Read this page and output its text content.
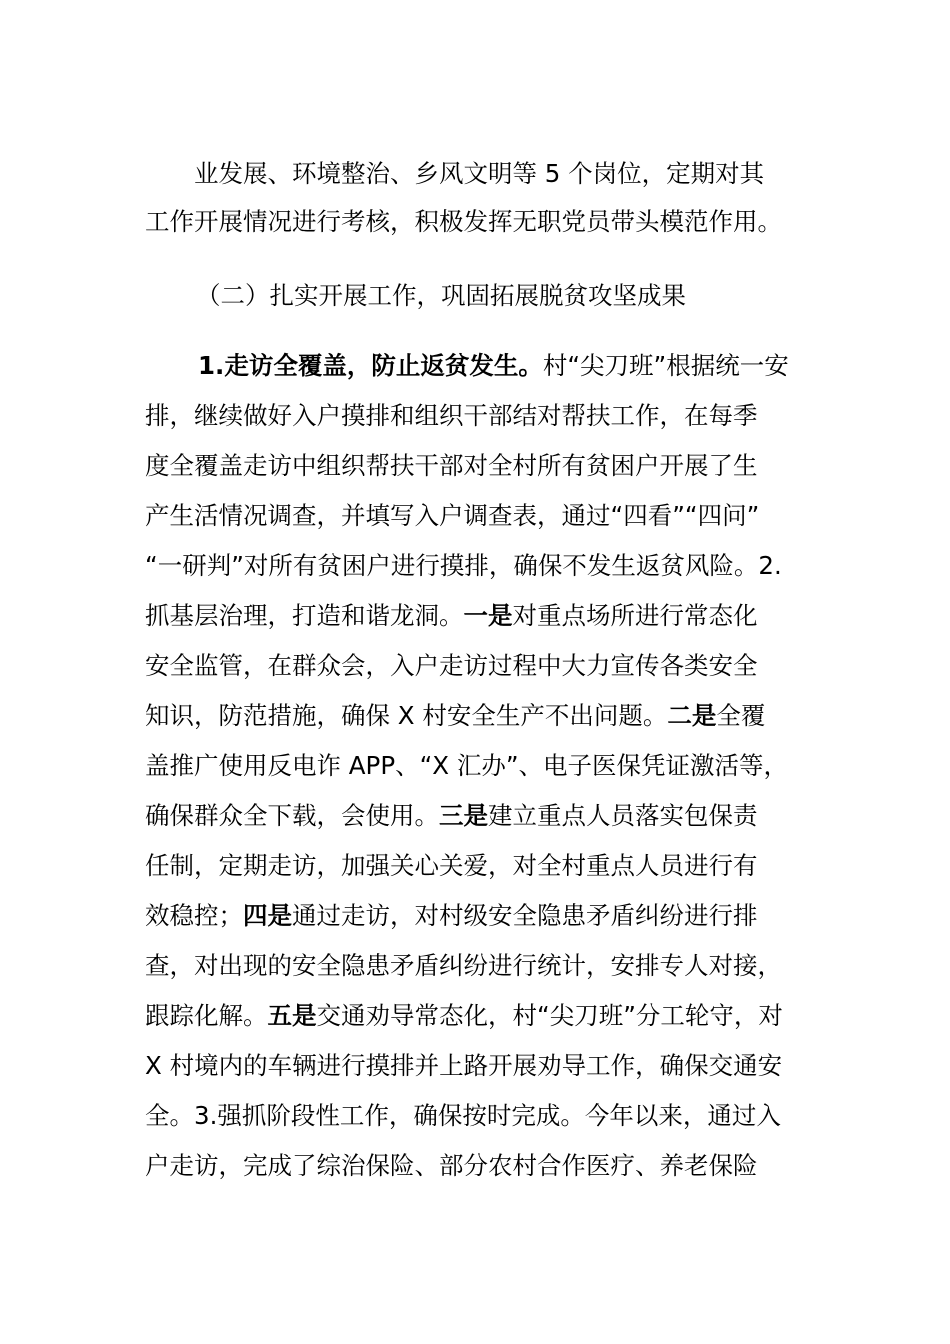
业发展、环境整治、乡风文明等 5 个岗位，定期对其
工作开展情况进行考核，积极发挥无职党员带头模范作用。
（二）扎实开展工作，巩固拓展脱贫攻坚成果
1.走访全覆盖，防止返贫发生。村“尖刀班”根据统一安
排，继续做好入户摸排和组织干部结对帮扶工作，在每季
度全覆盖走访中组织帮扶干部对全村所有贫困户开展了生
产生活情况调查，并填写入户调查表，通过“四看”“四问”
“一研判”对所有贫困户进行摸排，确保不发生返贫风险。2.
抓基层治理，打造和谐龙洞。一是对重点场所进行常态化
安全监管，在群众会，入户走访过程中大力宣传各类安全
知识，防范措施，确保 X 村安全生产不出问题。二是全覆
盖推广使用反电诈 APP、“X 汇办”、电子医保凭证激活等，
确保群众全下载，会使用。三是建立重点人员落实包保责
任制，定期走访，加强关心关爱，对全村重点人员进行有
效稳控；四是通过走访，对村级安全隐患矛盾纠纷进行排
查，对出现的安全隐患矛盾纠纷进行统计，安排专人对接，
跟踪化解。五是交通劝导常态化，村“尖刀班”分工轮守，对
X 村境内的车辆进行摸排并上路开展劝导工作，确保交通安
全。3.强抓阶段性工作，确保按时完成。今年以来，通过入
户走访，完成了综治保险、部分农村合作医疗、养老保险
